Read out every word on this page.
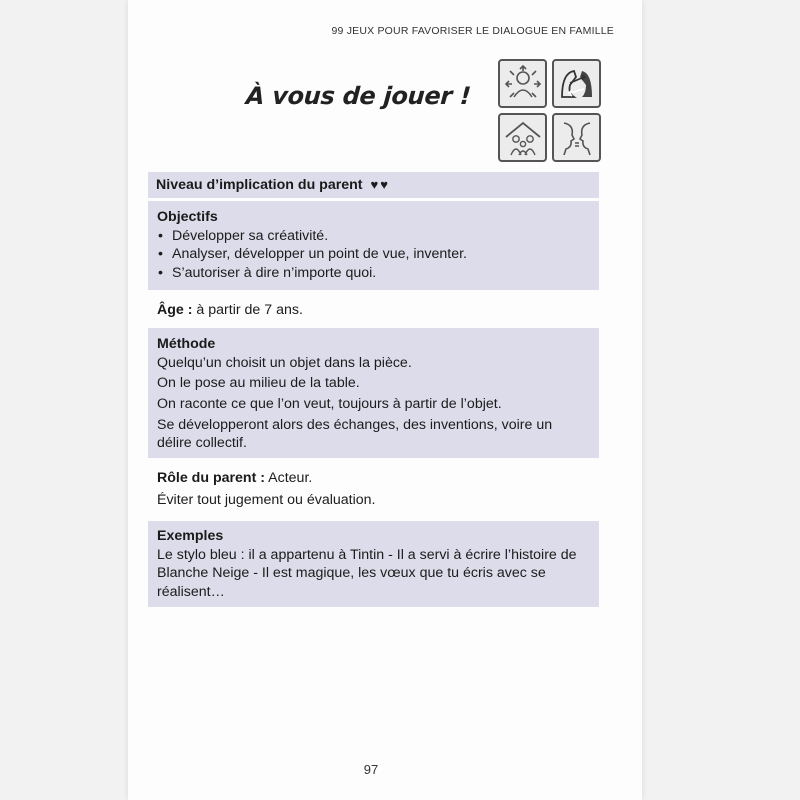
99 JEUX POUR FAVORISER LE DIALOGUE EN FAMILLE
À vous de jouer !
Niveau d’implication du parent ♥♥
Objectifs
• Développer sa créativité.
• Analyser, développer un point de vue, inventer.
• S’autoriser à dire n’importe quoi.
Âge : à partir de 7 ans.
Méthode
Quelqu’un choisit un objet dans la pièce.
On le pose au milieu de la table.
On raconte ce que l’on veut, toujours à partir de l’objet.
Se développeront alors des échanges, des inventions, voire un délire collectif.
Rôle du parent : Acteur.
Éviter tout jugement ou évaluation.
Exemples
Le stylo bleu : il a appartenu à Tintin - Il a servi à écrire l’histoire de Blanche Neige - Il est magique, les vœux que tu écris avec se réalisent…
97
